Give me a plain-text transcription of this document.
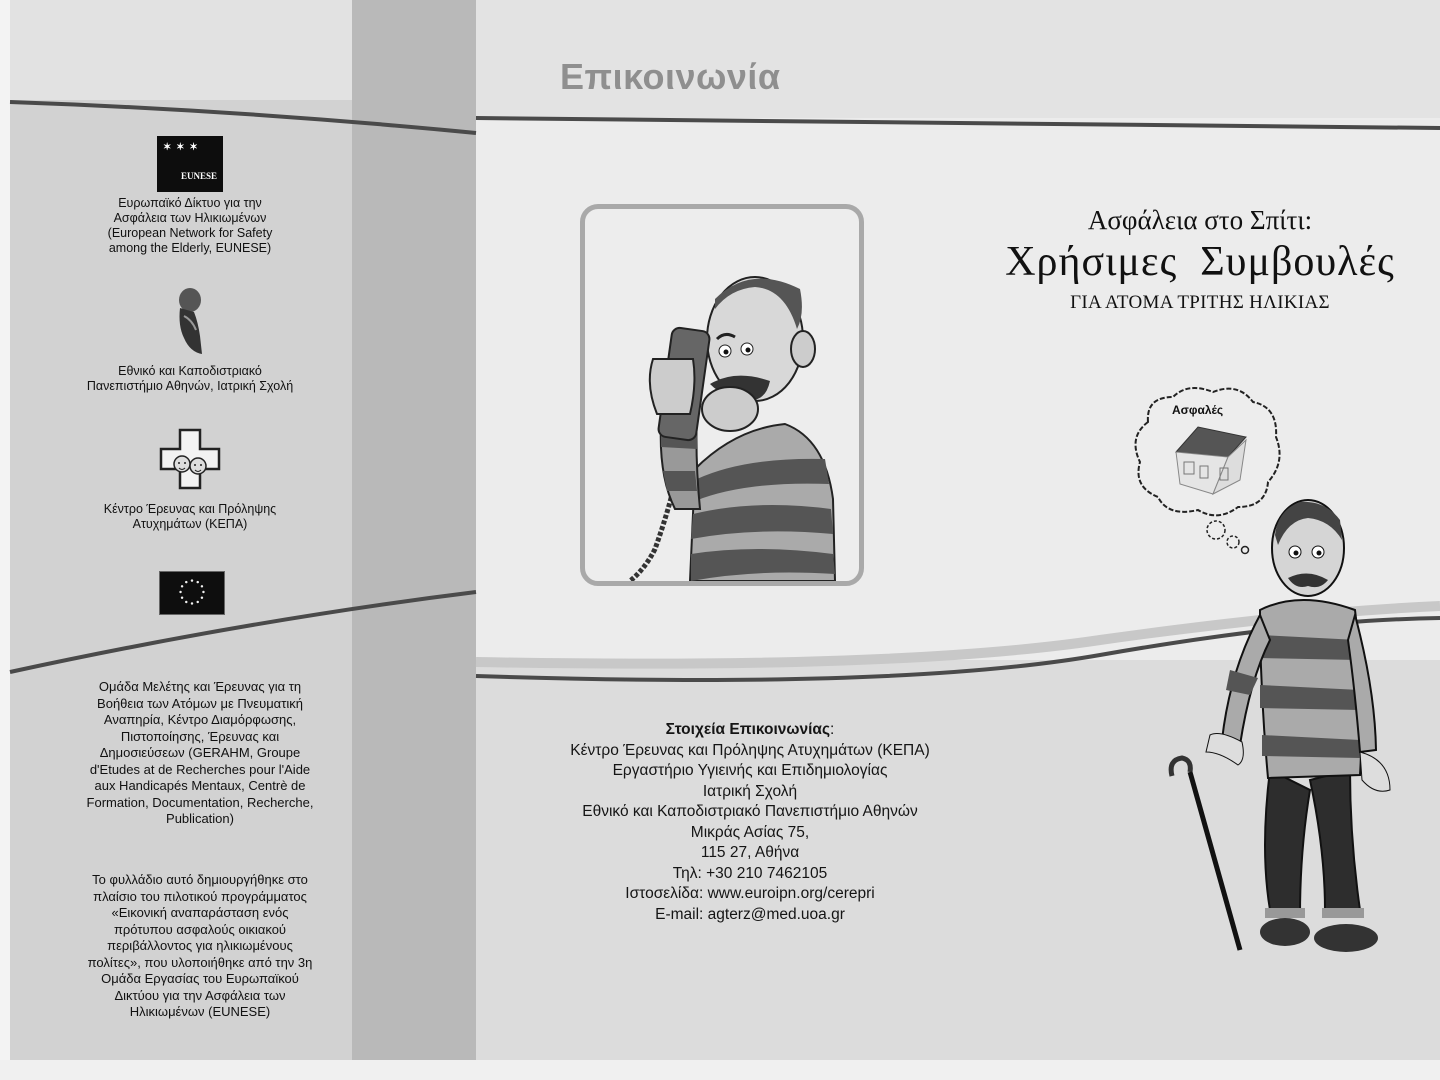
✶ ✶ ✶
EUNESE

Ευρωπαϊκό Δίκτυο για την

Ασφάλεια των Ηλικιωμένων

(European Network for Safety

among the Elderly, EUNESE)

Εθνικό και Καποδιστριακό

Πανεπιστήμιο Αθηνών, Ιατρική Σχολή

Κέντρο Έρευνας και Πρόληψης

Ατυχημάτων (ΚΕΠΑ)

Ομάδα Μελέτης και Έρευνας για τη

Βοήθεια των Ατόμων με Πνευματική

Αναπηρία, Κέντρο Διαμόρφωσης,

Πιστοποίησης, Έρευνας και

Δημοσιεύσεων (GERAHM, Groupe

d'Etudes at de Recherches pour l'Aide

aux Handicapés Mentaux, Centrè de

Formation, Documentation, Recherche,

Publication)

Το φυλλάδιο αυτό δημιουργήθηκε στο

πλαίσιο του πιλοτικού προγράμματος

«Εικονική αναπαράσταση ενός

πρότυπου ασφαλούς οικιακού

περιβάλλοντος για ηλικιωμένους

πολίτες», που υλοποιήθηκε από την 3η

Ομάδα Εργασίας του Ευρωπαϊκού

Δικτύου για την Ασφάλεια των

Ηλικιωμένων (EUNESE)

Επικοινωνία
Ασφάλεια στο Σπίτι:
Χρήσιμες  Συμβουλές
ΓΙΑ ΑΤΟΜΑ ΤΡΙΤΗΣ ΗΛΙΚΙΑΣ
Ασφαλές

Στοιχεία Επικοινωνίας:

Κέντρο Έρευνας και Πρόληψης Ατυχημάτων (ΚΕΠΑ)

Εργαστήριο Υγιεινής και Επιδημιολογίας

Ιατρική Σχολή

Εθνικό και Καποδιστριακό Πανεπιστήμιο Αθηνών

Μικράς Ασίας 75,

115 27, Αθήνα

Τηλ: +30 210 7462105

Ιστοσελίδα: www.euroipn.org/cerepri

E-mail: agterz@med.uoa.gr
